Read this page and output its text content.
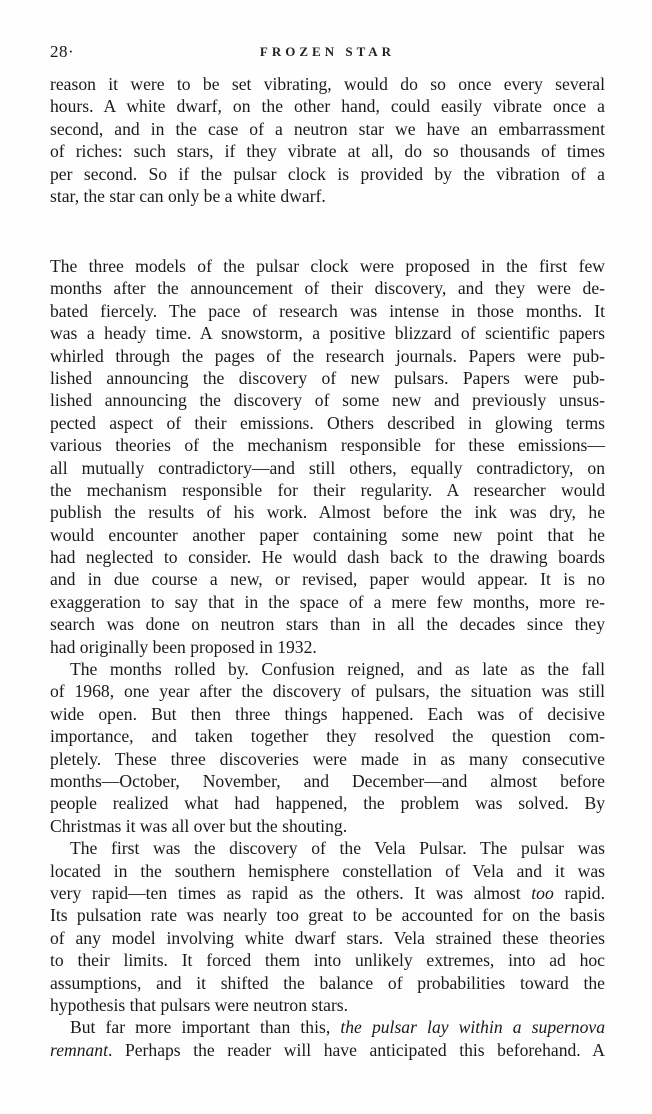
28·	FROZEN STAR
reason it were to be set vibrating, would do so once every several
hours. A white dwarf, on the other hand, could easily vibrate once a
second, and in the case of a neutron star we have an embarrassment
of riches: such stars, if they vibrate at all, do so thousands of times
per second. So if the pulsar clock is provided by the vibration of a
star, the star can only be a white dwarf.
The three models of the pulsar clock were proposed in the first few
months after the announcement of their discovery, and they were de-
bated fiercely. The pace of research was intense in those months. It
was a heady time. A snowstorm, a positive blizzard of scientific papers
whirled through the pages of the research journals. Papers were pub-
lished announcing the discovery of new pulsars. Papers were pub-
lished announcing the discovery of some new and previously unsus-
pected aspect of their emissions. Others described in glowing terms
various theories of the mechanism responsible for these emissions—
all mutually contradictory—and still others, equally contradictory, on
the mechanism responsible for their regularity. A researcher would
publish the results of his work. Almost before the ink was dry, he
would encounter another paper containing some new point that he
had neglected to consider. He would dash back to the drawing boards
and in due course a new, or revised, paper would appear. It is no
exaggeration to say that in the space of a mere few months, more re-
search was done on neutron stars than in all the decades since they
had originally been proposed in 1932.
The months rolled by. Confusion reigned, and as late as the fall
of 1968, one year after the discovery of pulsars, the situation was still
wide open. But then three things happened. Each was of decisive
importance, and taken together they resolved the question com-
pletely. These three discoveries were made in as many consecutive
months—October, November, and December—and almost before
people realized what had happened, the problem was solved. By
Christmas it was all over but the shouting.
The first was the discovery of the Vela Pulsar. The pulsar was
located in the southern hemisphere constellation of Vela and it was
very rapid—ten times as rapid as the others. It was almost too rapid.
Its pulsation rate was nearly too great to be accounted for on the basis
of any model involving white dwarf stars. Vela strained these theories
to their limits. It forced them into unlikely extremes, into ad hoc
assumptions, and it shifted the balance of probabilities toward the
hypothesis that pulsars were neutron stars.
But far more important than this, the pulsar lay within a supernova
remnant. Perhaps the reader will have anticipated this beforehand. A
